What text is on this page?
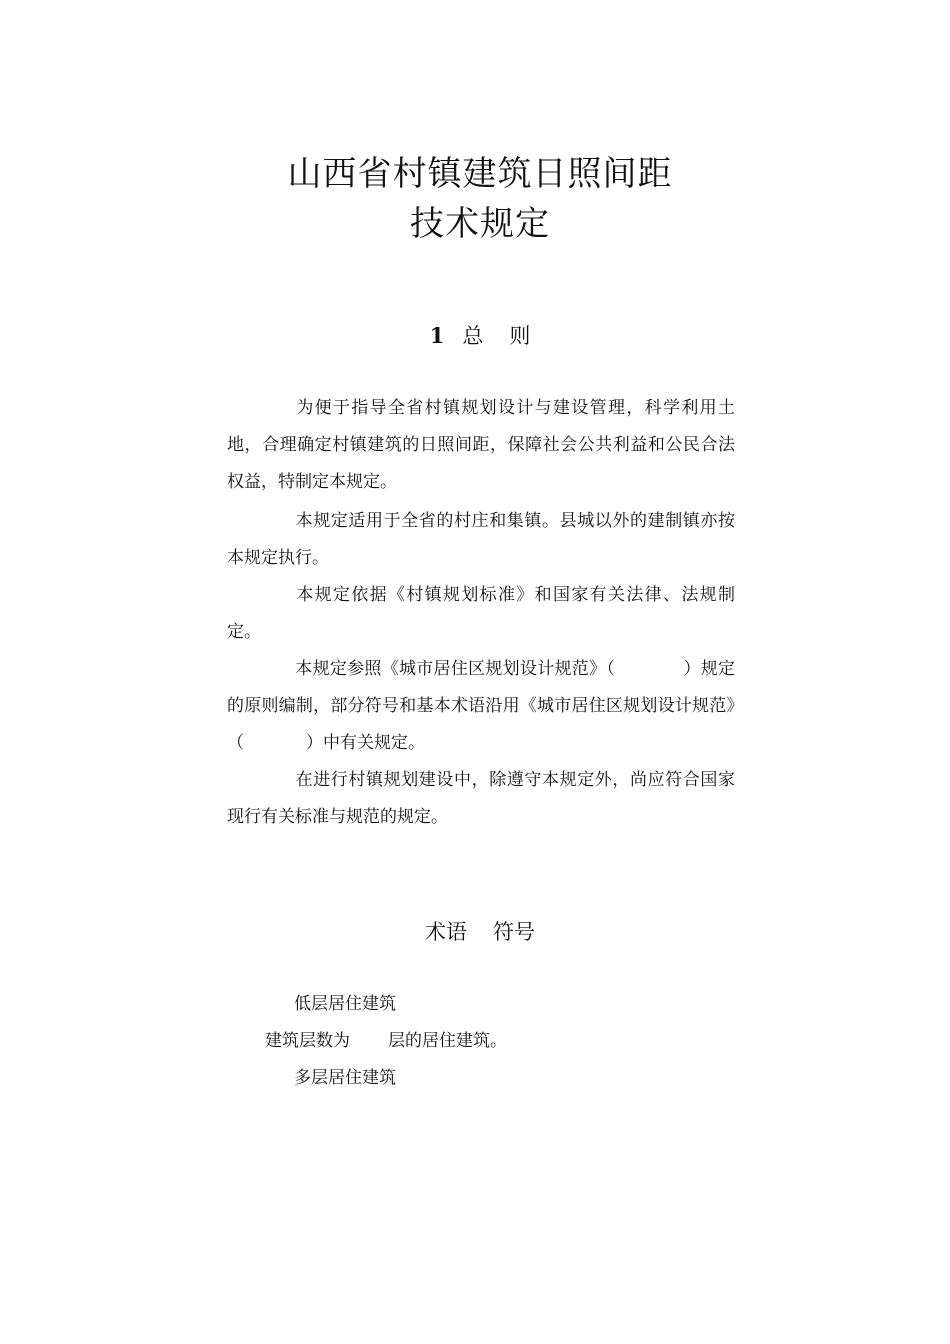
山西省村镇建筑日照间距
技术规定
1 总 则

为便于指导全省村镇规划设计与建设管理，科学利用土地，合理确定村镇建筑的日照间距，保障社会公共利益和公民合法权益，特制定本规定。

本规定适用于全省的村庄和集镇。县城以外的建制镇亦按本规定执行。

本规定依据《村镇规划标准》和国家有关法律、法规制定。

本规定参照《城市居住区规划设计规范》（	）规定的原则编制，部分符号和基本术语沿用《城市居住区规划设计规范》（	）中有关规定。

在进行村镇规划建设中，除遵守本规定外，尚应符合国家现行有关标准与规范的规定。

术语 符号

低层居住建筑

建筑层数为 层的居住建筑。

多层居住建筑
